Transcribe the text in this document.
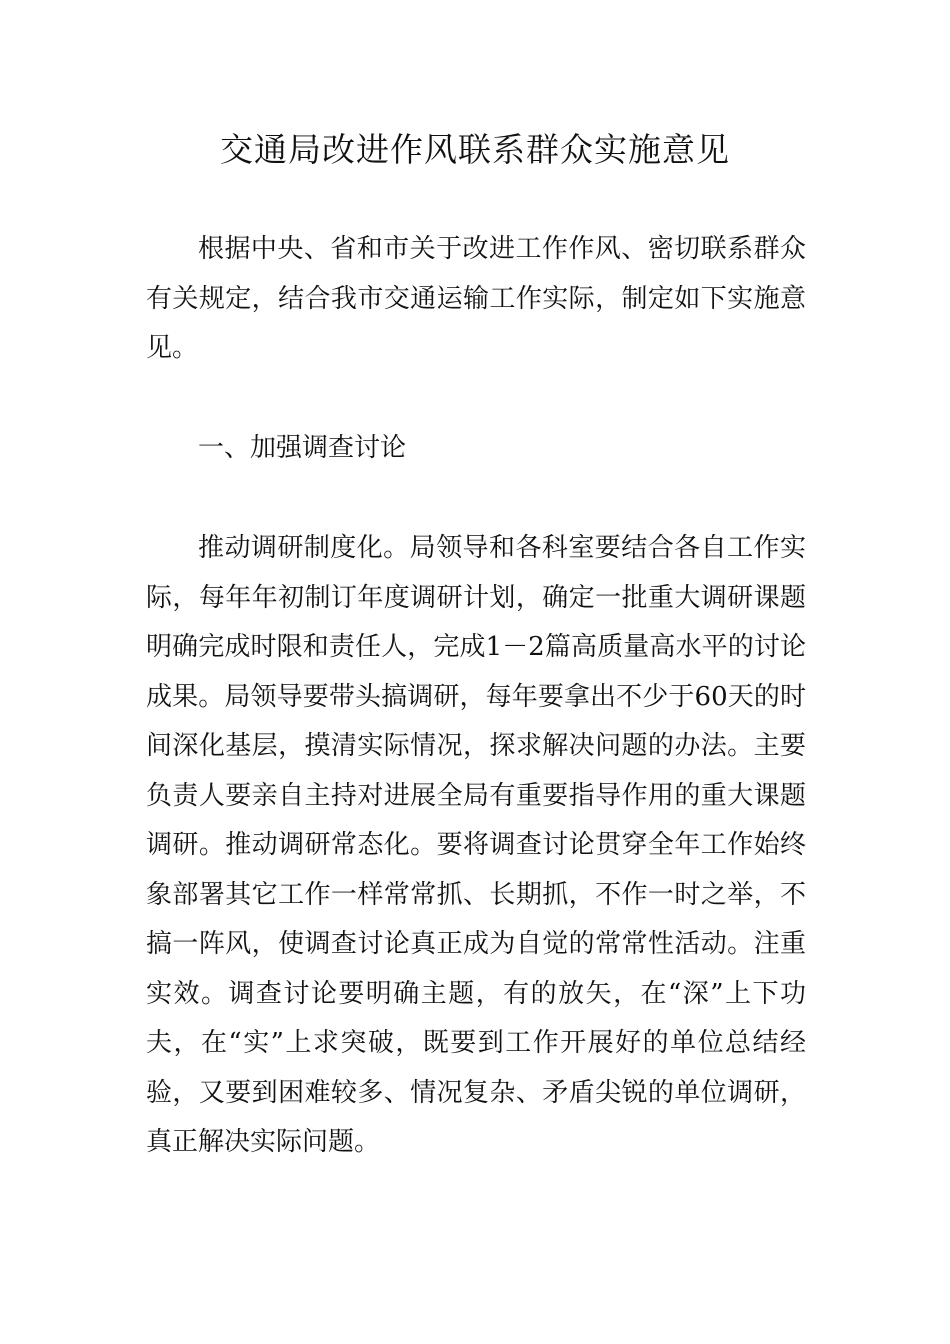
交通局改进作风联系群众实施意见

根据中央、省和市关于改进工作作风、密切联系群众有关规定，结合我市交通运输工作实际，制定如下实施意见。

一、加强调查讨论

推动调研制度化。局领导和各科室要结合各自工作实际，每年年初制订年度调研计划，确定一批重大调研课题明确完成时限和责任人，完成1－2篇高质量高水平的讨论成果。局领导要带头搞调研，每年要拿出不少于60天的时间深化基层，摸清实际情况，探求解决问题的办法。主要负责人要亲自主持对进展全局有重要指导作用的重大课题调研。推动调研常态化。要将调查讨论贯穿全年工作始终象部署其它工作一样常常抓、长期抓，不作一时之举，不搞一阵风，使调查讨论真正成为自觉的常常性活动。注重实效。调查讨论要明确主题，有的放矢，在“深”上下功夫，在“实”上求突破，既要到工作开展好的单位总结经验，又要到困难较多、情况复杂、矛盾尖锐的单位调研，真正解决实际问题。
